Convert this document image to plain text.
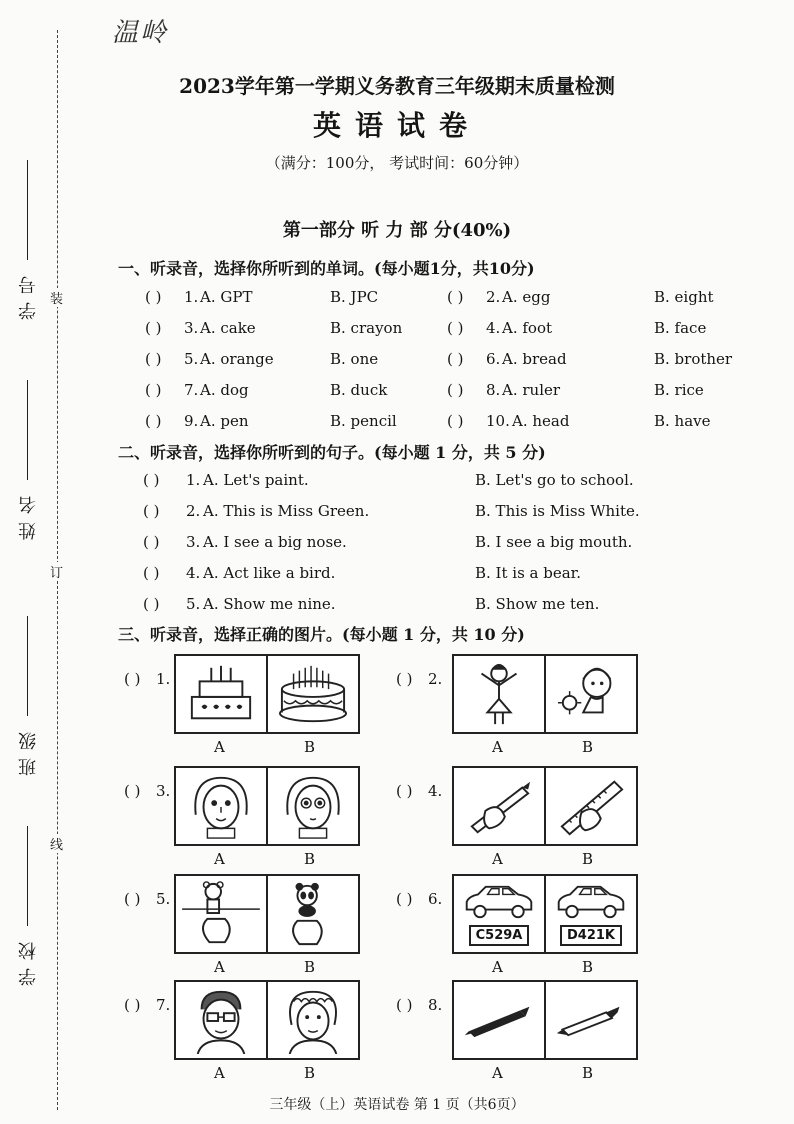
温岭
装
订
线
学号
姓名
班级
学校
2023学年第一学期义务教育三年级期末质量检测
英语试卷
（满分：100分， 考试时间：60分钟）
第一部分 听 力 部 分(40%)
一、听录音，选择你所听到的单词。(每小题1分，共10分)
( ) 1. A. GPT	B. JPC	( ) 2. A. egg	B. eight
( ) 3. A. cake	B. crayon	( ) 4. A. foot	B. face
( ) 5. A. orange	B. one	( ) 6. A. bread	B. brother
( ) 7. A. dog	B. duck	( ) 8. A. ruler	B. rice
( ) 9. A. pen	B. pencil	( ) 10. A. head	B. have
二、听录音，选择你所听到的句子。(每小题 1 分，共 5 分)
( ) 1. A. Let's paint.	B. Let's go to school.
( ) 2. A. This is Miss Green.	B. This is Miss White.
( ) 3. A. I see a big nose.	B. I see a big mouth.
( ) 4. A. Act like a bird.	B. It is a bear.
( ) 5. A. Show me nine.	B. Show me ten.
三、听录音，选择正确的图片。(每小题 1 分，共 10 分)
( ) 1.
A	B
( ) 2.
A	B
( ) 3.
A	B
( ) 4.
A	B
( ) 5.
A	B
( ) 6.
C529A	D421K
A	B
( ) 7.
A	B
( ) 8.
A	B
三年级（上）英语试卷 第 1 页（共6页）
